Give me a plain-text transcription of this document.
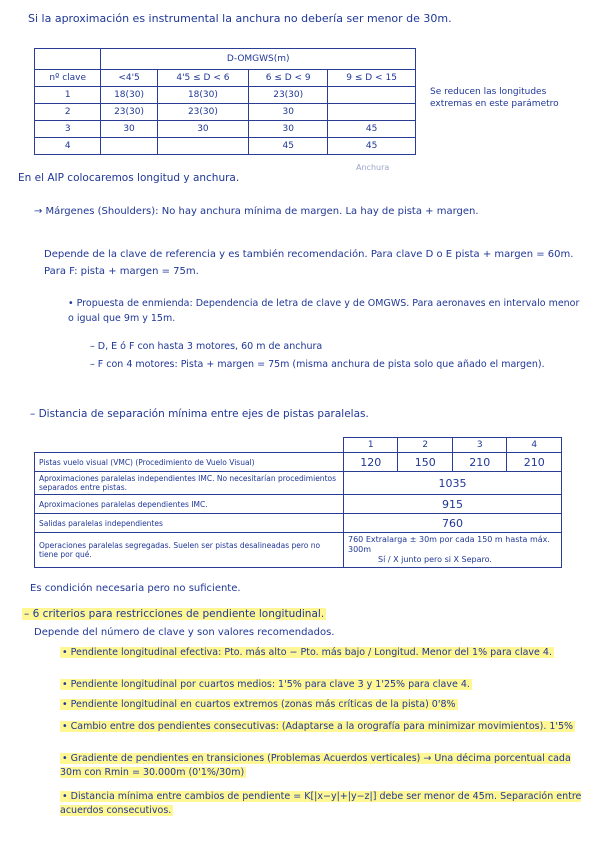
Si la aproximación es instrumental la anchura no debería ser menor de 30m.
	D-OMGWS(m)			
nº clave	<4'5	4'5 ≤ D < 6	6 ≤ D < 9	9 ≤ D < 15
1	18(30)	18(30)	23(30)	
2	23(30)	23(30)	30	
3	30	30	30	45
4			45	45
Se reducen las longitudes extremas en este parámetro
Anchura
En el AIP colocaremos longitud y anchura.
→ Márgenes (Shoulders): No hay anchura mínima de margen. La hay de pista + margen.
Depende de la clave de referencia y es también recomendación. Para clave D o E pista + margen = 60m. Para F: pista + margen = 75m.
• Propuesta de enmienda: Dependencia de letra de clave y de OMGWS. Para aeronaves en intervalo menor o igual que 9m y 15m.
– D, E ó F con hasta 3 motores, 60 m de anchura
– F con 4 motores: Pista + margen = 75m (misma anchura de pista solo que añado el margen).
– Distancia de separación mínima entre ejes de pistas paralelas.
	1	2	3	4
Pistas vuelo visual (VMC) (Procedimiento de Vuelo Visual)	120	150	210	210
Aproximaciones paralelas independientes IMC. No necesitarían procedimientos separados entre pistas.	1035			
Aproximaciones paralelas dependientes IMC.	915			
Salidas paralelas independientes	760			
Operaciones paralelas segregadas. Suelen ser pistas desalineadas pero no tiene por qué.	760 Extralarga ± 30m por cada 150 m hasta máx. 300m
Sí / X junto pero si X Separo.			
Es condición necesaria pero no suficiente.
– 6 criterios para restricciones de pendiente longitudinal.
Depende del número de clave y son valores recomendados.
• Pendiente longitudinal efectiva: Pto. más alto − Pto. más bajo / Longitud. Menor del 1% para clave 4.
• Pendiente longitudinal por cuartos medios: 1'5% para clave 3 y 1'25% para clave 4.
• Pendiente longitudinal en cuartos extremos (zonas más críticas de la pista) 0'8%
• Cambio entre dos pendientes consecutivas: (Adaptarse a la orografía para minimizar movimientos). 1'5%
• Gradiente de pendientes en transiciones (Problemas Acuerdos verticales) → Una décima porcentual cada 30m con Rmin = 30.000m (0'1%/30m)
• Distancia mínima entre cambios de pendiente = K[|x−y|+|y−z|] debe ser menor de 45m. Separación entre acuerdos consecutivos.
